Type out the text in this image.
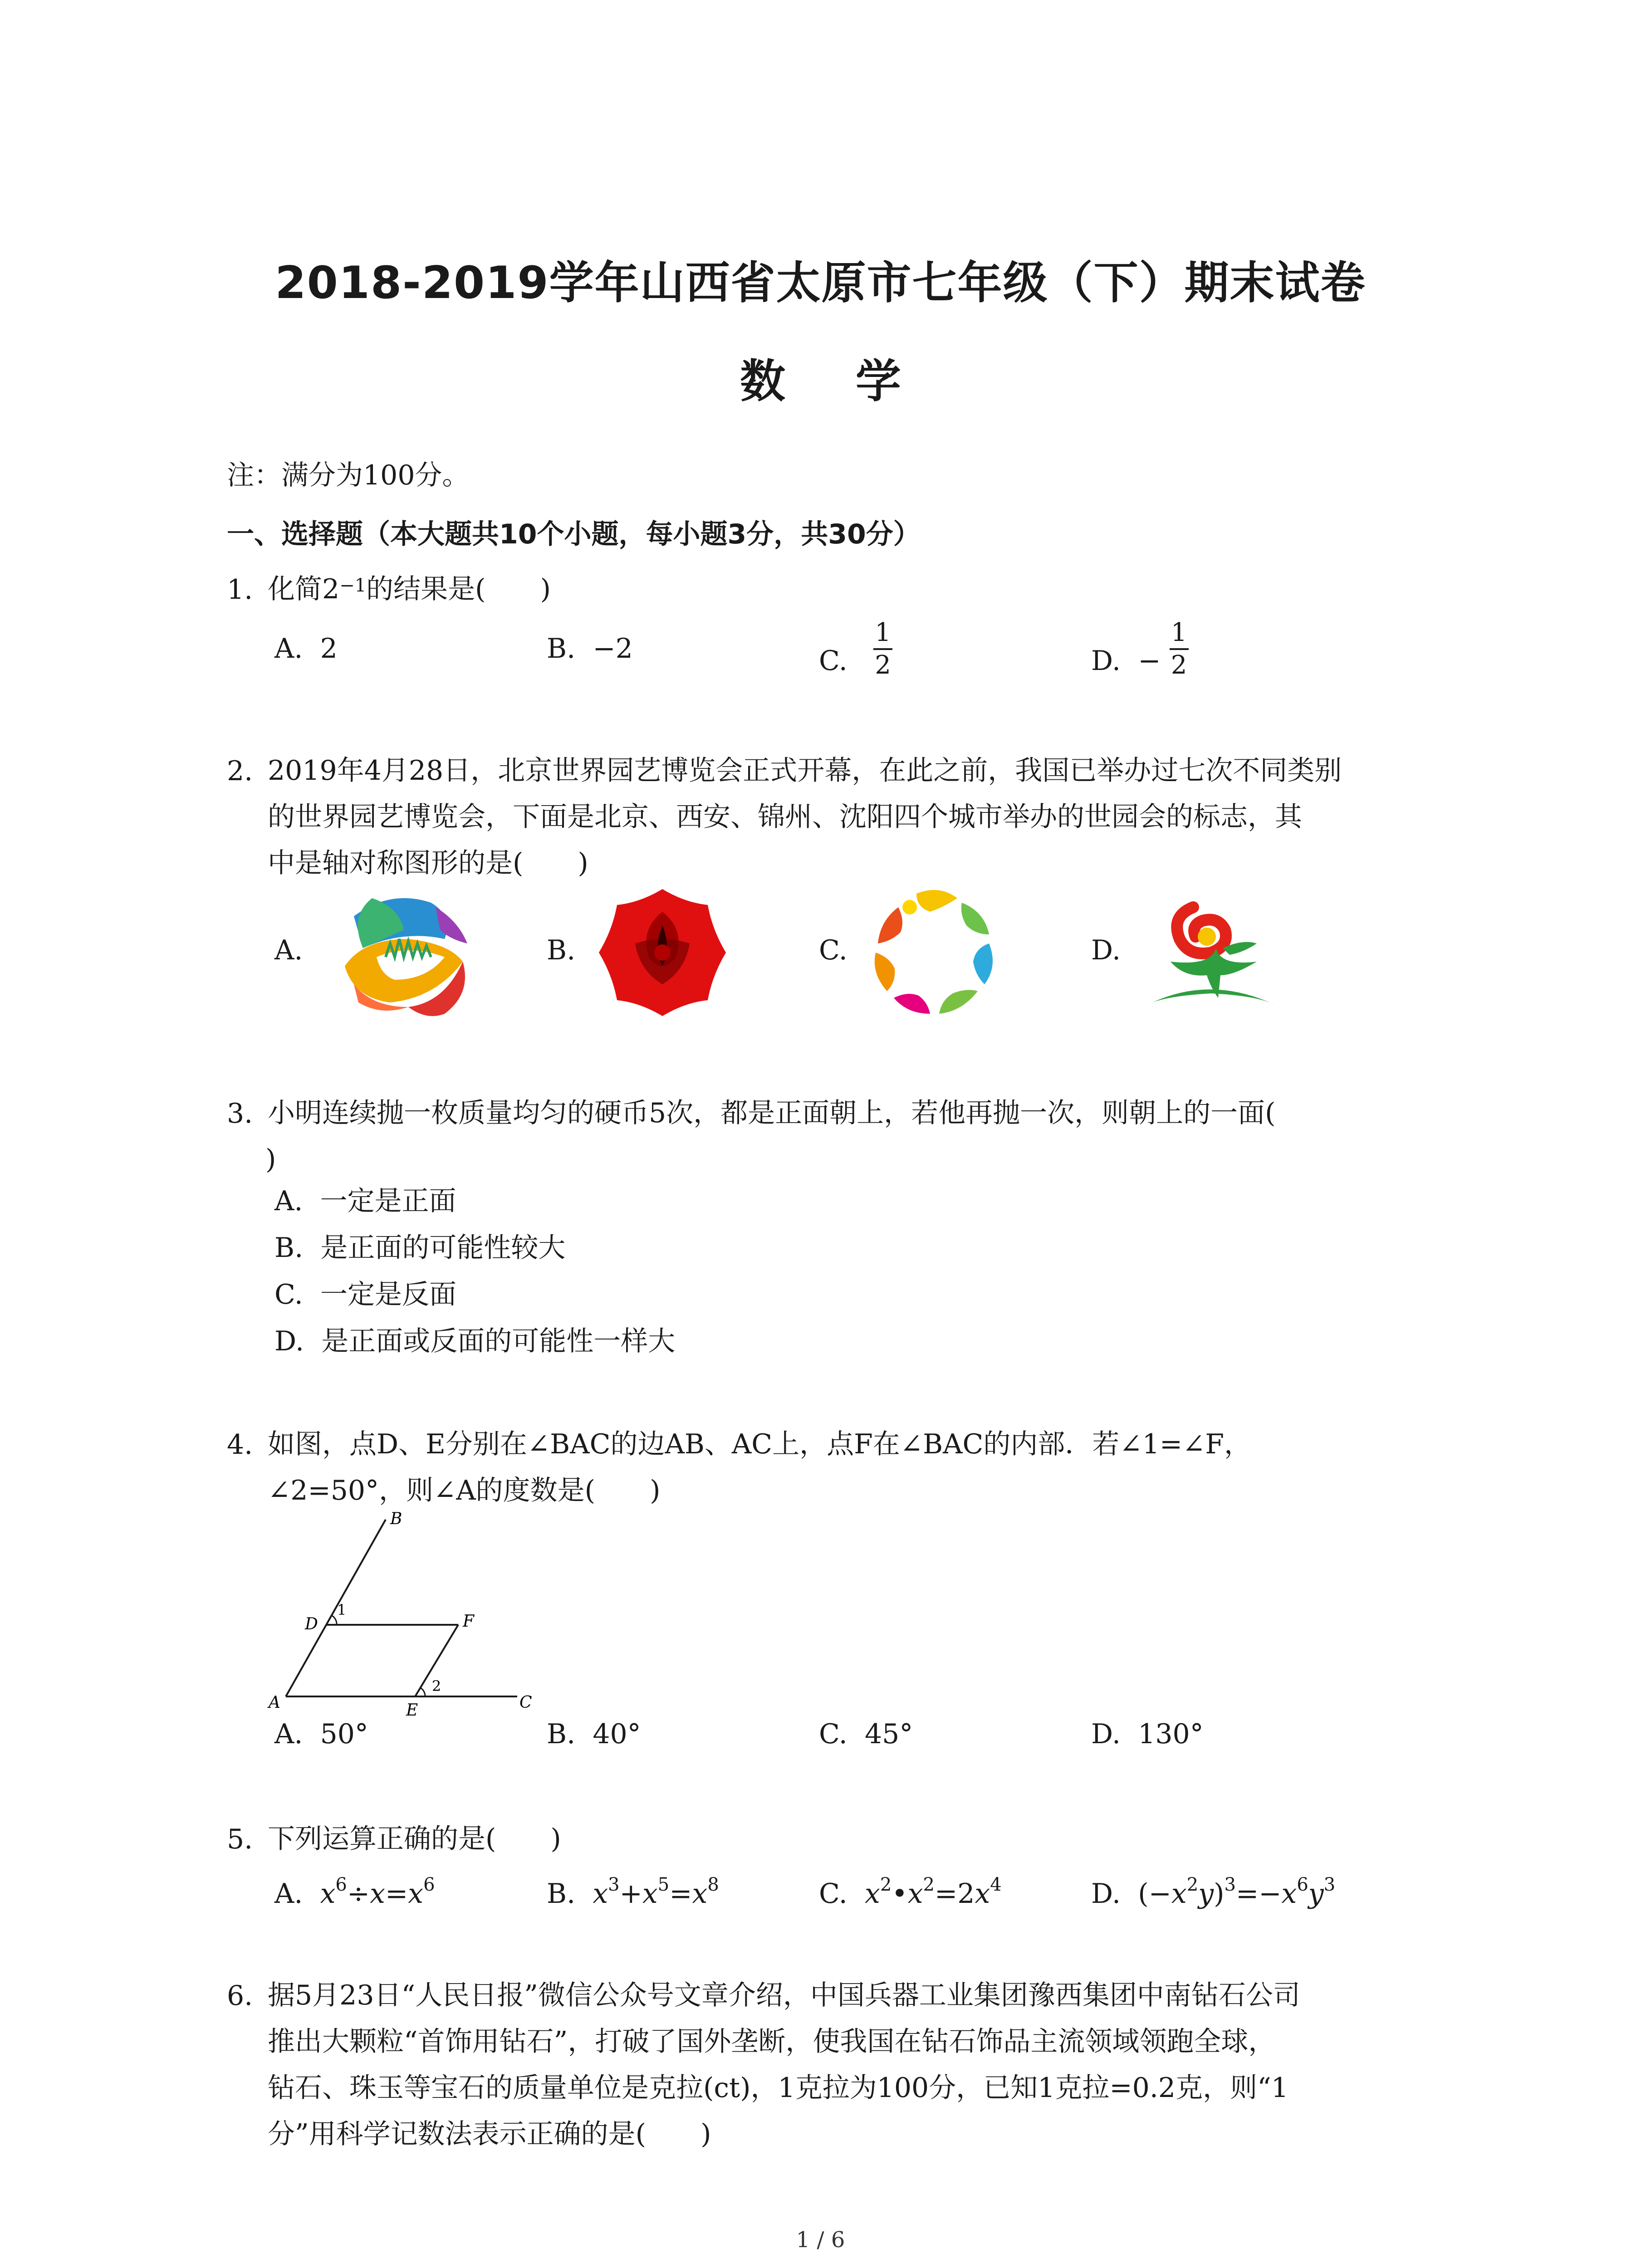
2018-2019学年山西省太原市七年级（下）期末试卷
数 学
注：满分为100分。
一、选择题（本大题共10个小题，每小题3分，共30分）
1. 化简$2^{-1}$的结果是(　　)
A. 2	B. −2	C. $\frac{1}{2}$	D. − $\frac{1}{2}$
2. 2019年4月28日，北京世界园艺博览会正式开幕，在此之前，我国已举办过七次不同类别
的世界园艺博览会，下面是北京、西安、锦州、沈阳四个城市举办的世园会的标志，其
中是轴对称图形的是(　　)
A.	B.	C.	D.
3. 小明连续抛一枚质量均匀的硬币5次，都是正面朝上，若他再抛一次，则朝上的一面(
)
A. 一定是正面
B. 是正面的可能性较大
C. 一定是反面
D. 是正面或反面的可能性一样大
4. 如图，点D、E分别在∠BAC的边AB、AC上，点F在∠BAC的内部．若∠1=∠F，
∠2=50°，则∠A的度数是(　　)
B
D	F
A	E	C
1
2
A. 50°	B. 40°	C. 45°	D. 130°
5. 下列运算正确的是(　　)
A. $x^6\div x=x^6$	B. $x^3+x^5=x^8$	C. $x^2•x^2=2x^4$	D.  $(-x^2y)^3=-x^6y^3$
6. 据5月23日“人民日报”微信公众号文章介绍，中国兵器工业集团豫西集团中南钻石公司
推出大颗粒“首饰用钻石”，打破了国外垄断，使我国在钻石饰品主流领域领跑全球，
钻石、珠玉等宝石的质量单位是克拉(ct)，1克拉为100分，已知1克拉=0.2克，则“1
分”用科学记数法表示正确的是(　　)
1 / 6
